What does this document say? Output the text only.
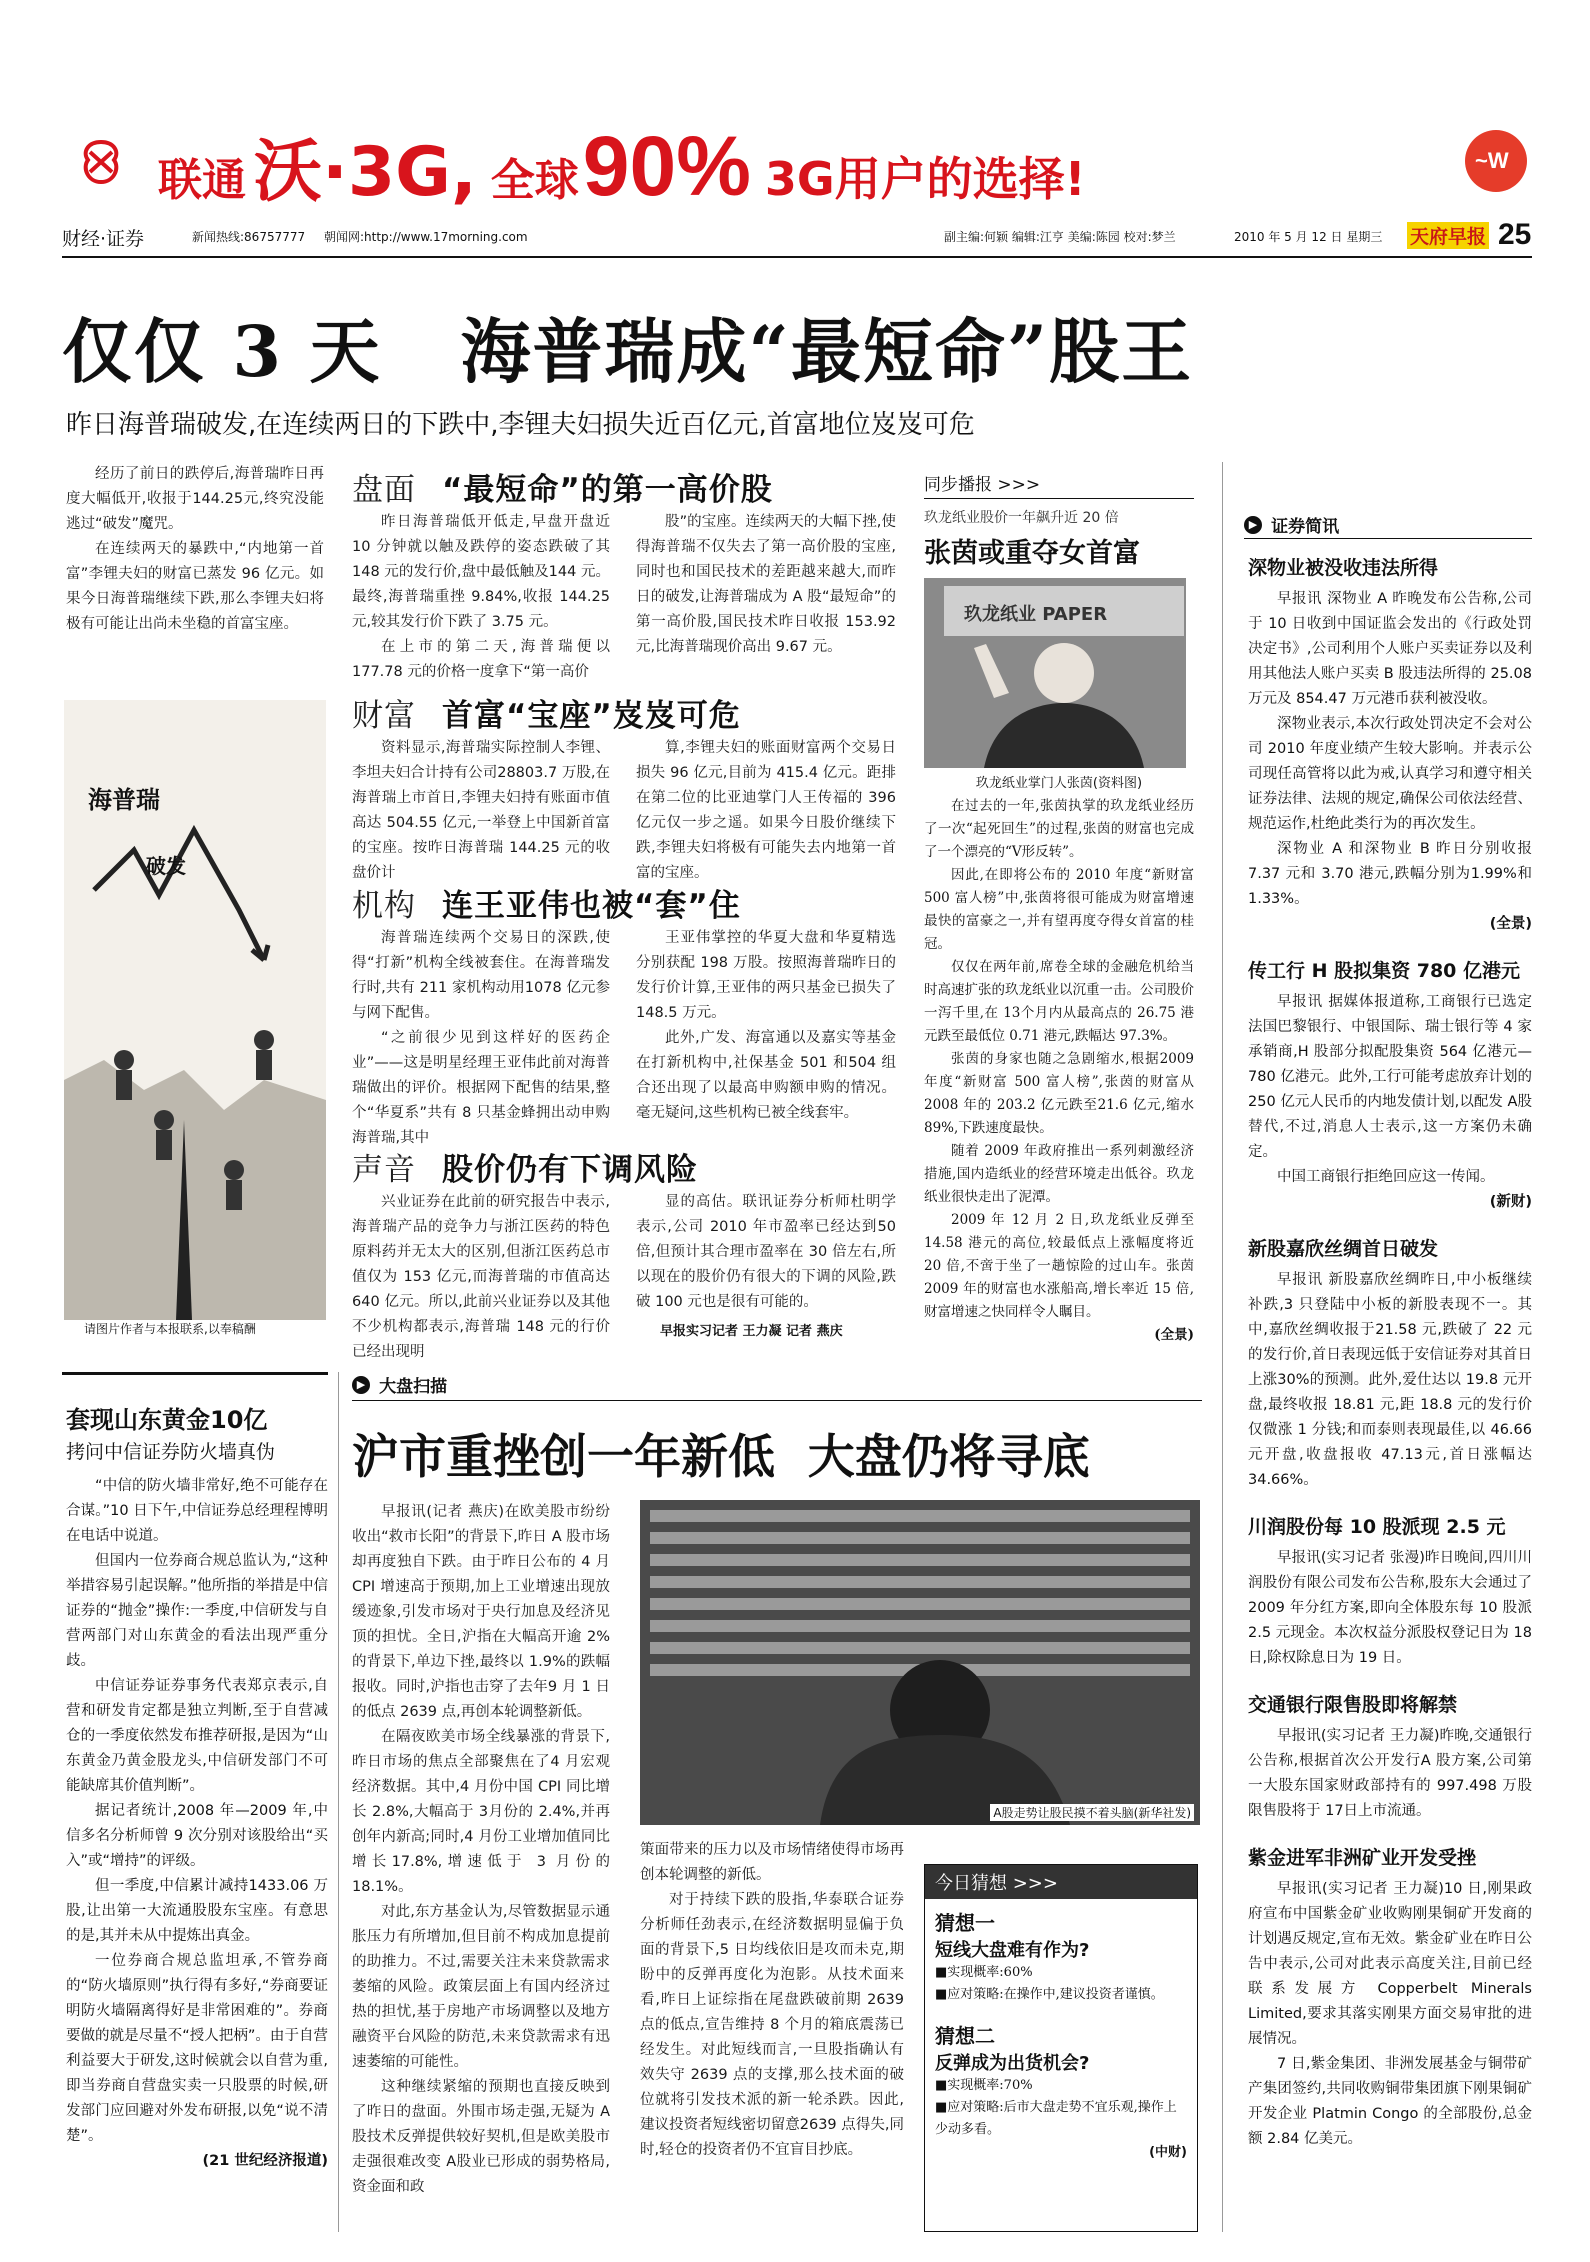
联通 沃·3G, 全球 90% 3G用户的选择!	~W
财经·证券	新闻热线:86757777 朝闻网:http://www.17morning.com	副主编:何颖 编辑:江亨 美编:陈园 校对:梦兰	2010 年 5 月 12 日 星期三 天府早报 25
仅仅 3 天   海普瑞成“最短命”股王
昨日海普瑞破发,在连续两日的下跌中,李锂夫妇损失近百亿元,首富地位岌岌可危

经历了前日的跌停后,海普瑞昨日再度大幅低开,收报于144.25元,终究没能逃过“破发”魔咒。

在连续两天的暴跌中,“内地第一首富”李锂夫妇的财富已蒸发 96 亿元。如果今日海普瑞继续下跌,那么李锂夫妇将极有可能让出尚未坐稳的首富宝座。

海普瑞
破发
请图片作者与本报联系,以奉稿酬
盘面 “最短命”的第一高价股

昨日海普瑞低开低走,早盘开盘近 10 分钟就以触及跌停的姿态跌破了其 148 元的发行价,盘中最低触及144 元。最终,海普瑞重挫 9.84%,收报 144.25 元,较其发行价下跌了 3.75 元。

在上市的第二天,海普瑞便以177.78 元的价格一度拿下“第一高价

股”的宝座。连续两天的大幅下挫,使得海普瑞不仅失去了第一高价股的宝座,同时也和国民技术的差距越来越大,而昨日的破发,让海普瑞成为 A 股“最短命”的第一高价股,国民技术昨日收报 153.92 元,比海普瑞现价高出 9.67 元。

财富 首富“宝座”岌岌可危

资料显示,海普瑞实际控制人李锂、李坦夫妇合计持有公司28803.7 万股,在海普瑞上市首日,李锂夫妇持有账面市值高达 504.55 亿元,一举登上中国新首富的宝座。按昨日海普瑞 144.25 元的收盘价计

算,李锂夫妇的账面财富两个交易日损失 96 亿元,目前为 415.4 亿元。距排在第二位的比亚迪掌门人王传福的 396 亿元仅一步之遥。如果今日股价继续下跌,李锂夫妇将极有可能失去内地第一首富的宝座。

机构 连王亚伟也被“套”住

海普瑞连续两个交易日的深跌,使得“打新”机构全线被套住。在海普瑞发行时,共有 211 家机构动用1078 亿元参与网下配售。

“之前很少见到这样好的医药企业”——这是明星经理王亚伟此前对海普瑞做出的评价。根据网下配售的结果,整个“华夏系”共有 8 只基金蜂拥出动申购海普瑞,其中

王亚伟掌控的华夏大盘和华夏精选分别获配 198 万股。按照海普瑞昨日的发行价计算,王亚伟的两只基金已损失了 148.5 万元。

此外,广发、海富通以及嘉实等基金在打新机构中,社保基金 501 和504 组合还出现了以最高申购额申购的情况。毫无疑问,这些机构已被全线套牢。

声音 股价仍有下调风险

兴业证券在此前的研究报告中表示,海普瑞产品的竞争力与浙江医药的特色原料药并无太大的区别,但浙江医药总市值仅为 153 亿元,而海普瑞的市值高达 640 亿元。所以,此前兴业证券以及其他不少机构都表示,海普瑞 148 元的行价已经出现明

显的高估。联讯证券分析师杜明学表示,公司 2010 年市盈率已经达到50 倍,但预计其合理市盈率在 30 倍左右,所以现在的股价仍有很大的下调的风险,跌破 100 元也是很有可能的。

早报实习记者 王力凝 记者 燕庆
同步播报 >>>
玖龙纸业股价一年飙升近 20 倍
张茵或重夺女首富
玖龙纸业 PAPER
玖龙纸业掌门人张茵(资料图)

在过去的一年,张茵执掌的玖龙纸业经历了一次“起死回生”的过程,张茵的财富也完成了一个漂亮的“V形反转”。

因此,在即将公布的 2010 年度“新财富 500 富人榜”中,张茵将很可能成为财富增速最快的富豪之一,并有望再度夺得女首富的桂冠。

仅仅在两年前,席卷全球的金融危机给当时高速扩张的玖龙纸业以沉重一击。公司股价一泻千里,在 13个月内从最高点的 26.75 港元跌至最低位 0.71 港元,跌幅达 97.3%。

张茵的身家也随之急剧缩水,根据2009 年度“新财富 500 富人榜”,张茵的财富从 2008 年的 203.2 亿元跌至21.6 亿元,缩水 89%,下跌速度最快。

随着 2009 年政府推出一系列刺激经济措施,国内造纸业的经营环境走出低谷。玖龙纸业很快走出了泥潭。

2009 年 12 月 2 日,玖龙纸业反弹至 14.58 港元的高位,较最低点上涨幅度将近 20 倍,不啻于坐了一趟惊险的过山车。张茵 2009 年的财富也水涨船高,增长率近 15 倍,财富增速之快同样令人瞩目。

(全景)
▶ 证券简讯
深物业被没收违法所得

早报讯 深物业 A 昨晚发布公告称,公司于 10 日收到中国证监会发出的《行政处罚决定书》,公司利用个人账户买卖证券以及利用其他法人账户买卖 B 股违法所得的 25.08万元及 854.47 万元港币获利被没收。

深物业表示,本次行政处罚决定不会对公司 2010 年度业绩产生较大影响。并表示公司现任高管将以此为戒,认真学习和遵守相关证券法律、法规的规定,确保公司依法经营、规范运作,杜绝此类行为的再次发生。

深物业 A 和深物业 B 昨日分别收报 7.37 元和 3.70 港元,跌幅分别为1.99%和1.33%。

(全景)
传工行 H 股拟集资 780 亿港元

早报讯 据媒体报道称,工商银行已选定法国巴黎银行、中银国际、瑞士银行等 4 家承销商,H 股部分拟配股集资 564 亿港元—780 亿港元。此外,工行可能考虑放弃计划的 250 亿元人民币的内地发债计划,以配发 A股替代,不过,消息人士表示,这一方案仍未确定。

中国工商银行拒绝回应这一传闻。

(新财)
新股嘉欣丝绸首日破发

早报讯 新股嘉欣丝绸昨日,中小板继续补跌,3 只登陆中小板的新股表现不一。其中,嘉欣丝绸收报于21.58 元,跌破了 22 元的发行价,首日表现远低于安信证券对其首日上涨30%的预测。此外,爱仕达以 19.8 元开盘,最终收报 18.81 元,距 18.8 元的发行价仅微涨 1 分钱;和而泰则表现最佳,以 46.66 元开盘,收盘报收 47.13元,首日涨幅达 34.66%。

川润股份每 10 股派现 2.5 元

早报讯(实习记者 张漫)昨日晚间,四川川润股份有限公司发布公告称,股东大会通过了 2009 年分红方案,即向全体股东每 10 股派 2.5 元现金。本次权益分派股权登记日为 18日,除权除息日为 19 日。

交通银行限售股即将解禁

早报讯(实习记者 王力凝)昨晚,交通银行公告称,根据首次公开发行A 股方案,公司第一大股东国家财政部持有的 997.498 万股限售股将于 17日上市流通。

紫金进军非洲矿业开发受挫

早报讯(实习记者 王力凝)10 日,刚果政府宣布中国紫金矿业收购刚果铜矿开发商的计划遇反规定,宣布无效。紫金矿业在昨日公告中表示,公司对此表示高度关注,目前已经联系发展方 Copperbelt Minerals Limited,要求其落实刚果方面交易审批的进展情况。

7 日,紫金集团、非洲发展基金与铜带矿产集团签约,共同收购铜带集团旗下刚果铜矿开发企业 Platmin Congo 的全部股份,总金额 2.84 亿美元。

套现山东黄金10亿
拷问中信证券防火墙真伪

“中信的防火墙非常好,绝不可能存在合谋。”10 日下午,中信证券总经理程博明在电话中说道。

但国内一位券商合规总监认为,“这种举措容易引起误解。”他所指的举措是中信证券的“抛金”操作:一季度,中信研发与自营两部门对山东黄金的看法出现严重分歧。

中信证券证券事务代表郑京表示,自营和研发肯定都是独立判断,至于自营减仓的一季度依然发布推荐研报,是因为“山东黄金乃黄金股龙头,中信研发部门不可能缺席其价值判断”。

据记者统计,2008 年—2009 年,中信多名分析师曾 9 次分别对该股给出“买入”或“增持”的评级。

但一季度,中信累计减持1433.06 万股,让出第一大流通股股东宝座。有意思的是,其并未从中提炼出真金。

一位券商合规总监坦承,不管券商的“防火墙原则”执行得有多好,“券商要证明防火墙隔离得好是非常困难的”。券商要做的就是尽量不“授人把柄”。由于自营利益要大于研发,这时候就会以自营为重,即当券商自营盘实卖一只股票的时候,研发部门应回避对外发布研报,以免“说不清楚”。

(21 世纪经济报道)
▶ 大盘扫描
沪市重挫创一年新低  大盘仍将寻底

早报讯(记者 燕庆)在欧美股市纷纷收出“救市长阳”的背景下,昨日 A 股市场却再度独自下跌。由于昨日公布的 4 月 CPI 增速高于预期,加上工业增速出现放缓迹象,引发市场对于央行加息及经济见顶的担忧。全日,沪指在大幅高开逾 2%的背景下,单边下挫,最终以 1.9%的跌幅报收。同时,沪指也击穿了去年9 月 1 日的低点 2639 点,再创本轮调整新低。

在隔夜欧美市场全线暴涨的背景下,昨日市场的焦点全部聚焦在了4 月宏观经济数据。其中,4 月份中国 CPI 同比增长 2.8%,大幅高于 3月份的 2.4%,并再创年内新高;同时,4 月份工业增加值同比增长17.8%,增速低于 3 月份的 18.1%。

对此,东方基金认为,尽管数据显示通胀压力有所增加,但目前不构成加息提前的助推力。不过,需要关注未来贷款需求萎缩的风险。政策层面上有国内经济过热的担忧,基于房地产市场调整以及地方融资平台风险的防范,未来贷款需求有迅速萎缩的可能性。

这种继续紧缩的预期也直接反映到了昨日的盘面。外围市场走强,无疑为 A 股技术反弹提供较好契机,但是欧美股市走强很难改变 A股业已形成的弱势格局,资金面和政

A股走势让股民摸不着头脑(新华社发)

策面带来的压力以及市场情绪使得市场再创本轮调整的新低。

对于持续下跌的股指,华泰联合证券分析师任劲表示,在经济数据明显偏于负面的背景下,5 日均线依旧是攻而未克,期盼中的反弹再度化为泡影。从技术面来看,昨日上证综指在尾盘跌破前期 2639 点的低点,宣告维持 8 个月的箱底震荡已经发生。对此短线而言,一旦股指确认有效失守 2639 点的支撑,那么技术面的破位就将引发技术派的新一轮杀跌。因此,建议投资者短线密切留意2639 点得失,同时,轻仓的投资者仍不宜盲目抄底。

今日猜想 >>>
猜想一
短线大盘难有作为?
■实现概率:60%
■应对策略:在操作中,建议投资者谨慎。
猜想二
反弹成为出货机会?
■实现概率:70%
■应对策略:后市大盘走势不宜乐观,操作上少动多看。
(中财)
